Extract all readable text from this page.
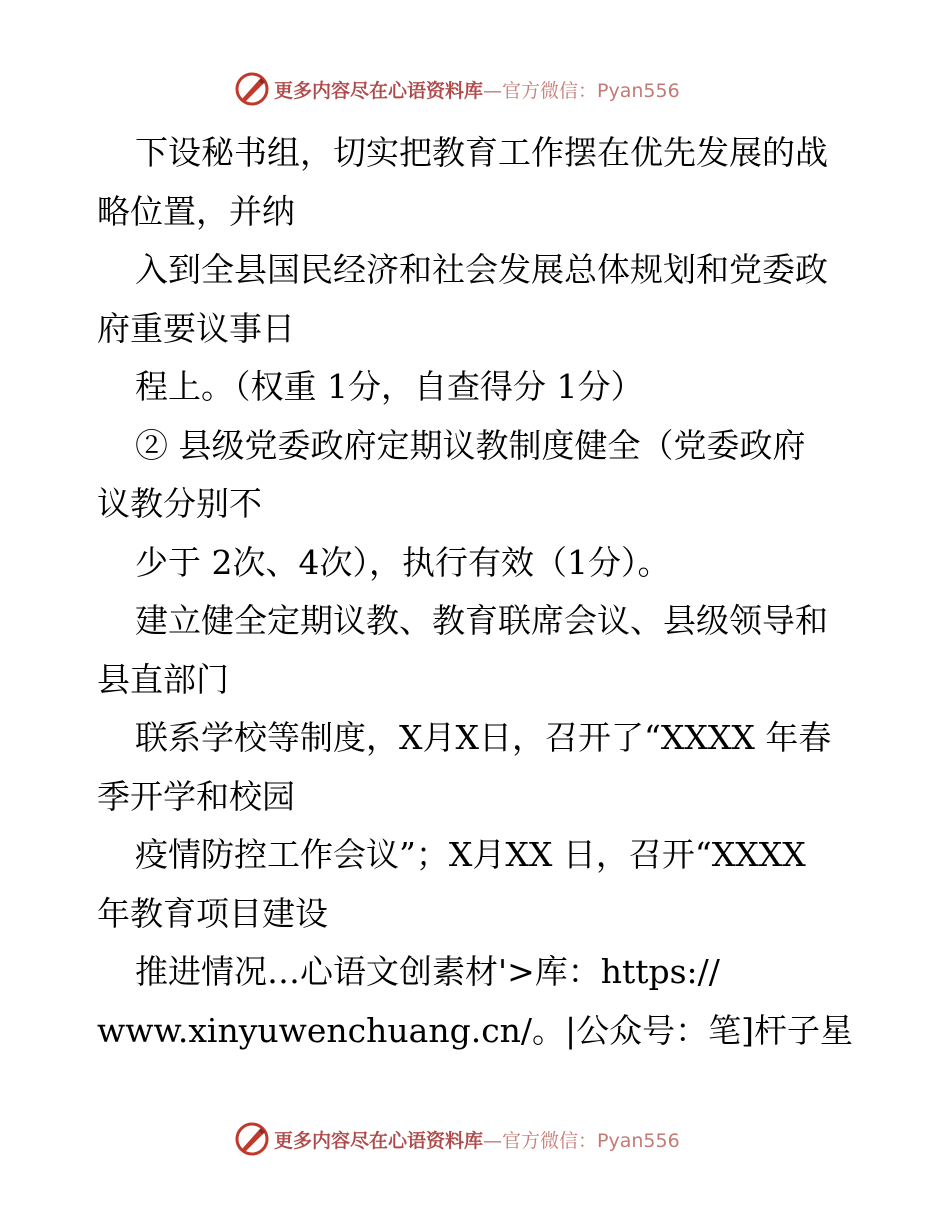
更多内容尽在心语资料库—官方微信：Pyan556
下设秘书组，切实把教育工作摆在优先发展的战
略位置，并纳
入到全县国民经济和社会发展总体规划和党委政
府重要议事日
程上。（权重 1分，自查得分 1分）
② 县级党委政府定期议教制度健全（党委政府
议教分别不
少于 2次、4次），执行有效（1分）。
建立健全定期议教、教育联席会议、县级领导和
县直部门
联系学校等制度，X月X日，召开了“XXXX 年春
季开学和校园
疫情防控工作会议”；X月XX 日，召开“XXXX
年教育项目建设
推进情况…心语文创素材'>库：https://
www.xinyuwenchuang.cn/。|公众号：笔]杆子星
更多内容尽在心语资料库—官方微信：Pyan556
